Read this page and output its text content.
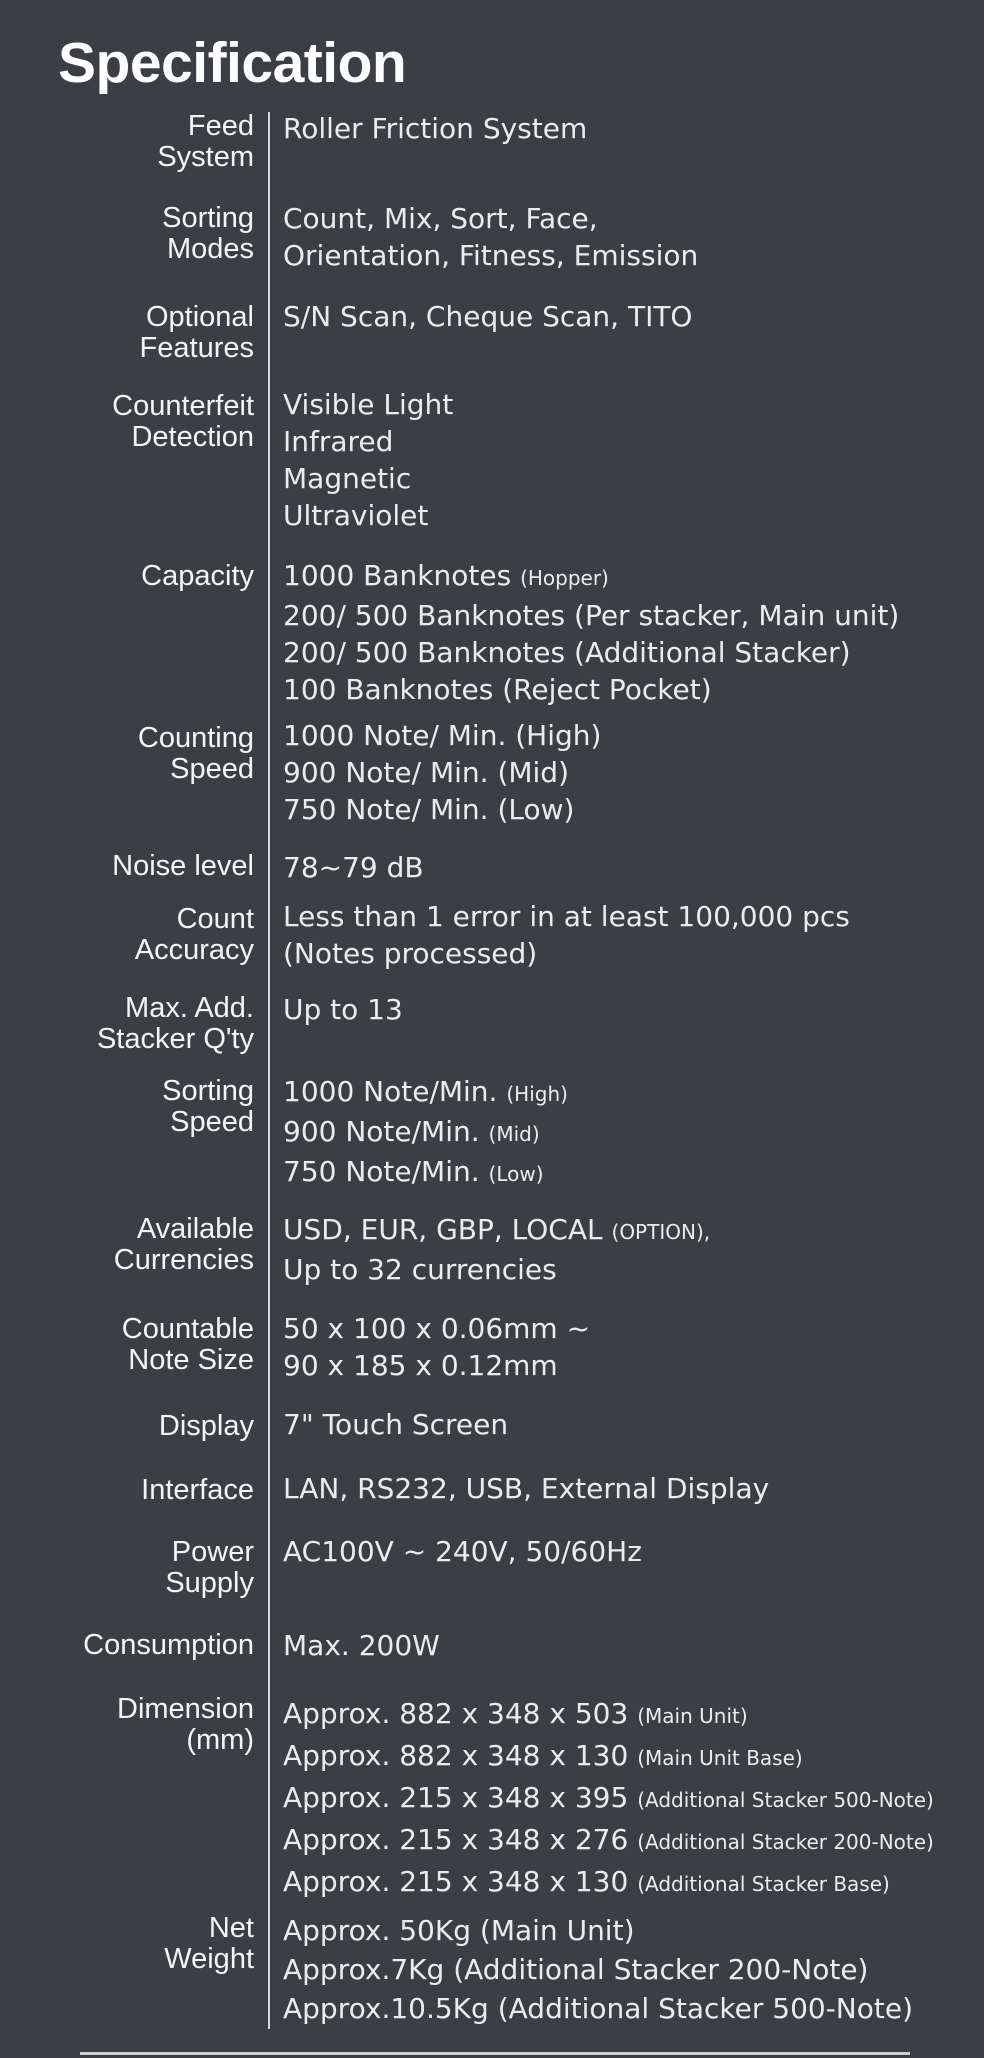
Specification
Feed
System
Roller Friction System
Sorting
Modes
Count, Mix, Sort, Face,
Orientation, Fitness, Emission
Optional
Features
S/N Scan, Cheque Scan, TITO
Counterfeit
Detection
Visible Light
Infrared
Magnetic
Ultraviolet
Capacity 1000 Banknotes (Hopper)
200/ 500 Banknotes (Per stacker, Main unit)
200/ 500 Banknotes (Additional Stacker)
100 Banknotes (Reject Pocket)
Counting
Speed
1000 Note/ Min. (High)
900 Note/ Min. (Mid)
750 Note/ Min. (Low)
Noise level 78~79 dB
Count
Accuracy
Less than 1 error in at least 100,000 pcs
(Notes processed)
Max. Add.
Stacker Q'ty
Up to 13
Sorting
Speed
1000 Note/Min. (High)
900 Note/Min. (Mid)
750 Note/Min. (Low)
Available
Currencies
USD, EUR, GBP, LOCAL (OPTION),
Up to 32 currencies
Countable
Note Size
50 x 100 x 0.06mm ~
90 x 185 x 0.12mm
Display 7" Touch Screen
Interface LAN, RS232, USB, External Display
Power
Supply
AC100V ~ 240V, 50/60Hz
Consumption Max. 200W
Dimension
(mm)
Approx. 882 x 348 x 503 (Main Unit)
Approx. 882 x 348 x 130 (Main Unit Base)
Approx. 215 x 348 x 395 (Additional Stacker 500-Note)
Approx. 215 x 348 x 276 (Additional Stacker 200-Note)
Approx. 215 x 348 x 130 (Additional Stacker Base)
Net
Weight
Approx. 50Kg (Main Unit)
Approx.7Kg (Additional Stacker 200-Note)
Approx.10.5Kg (Additional Stacker 500-Note)
